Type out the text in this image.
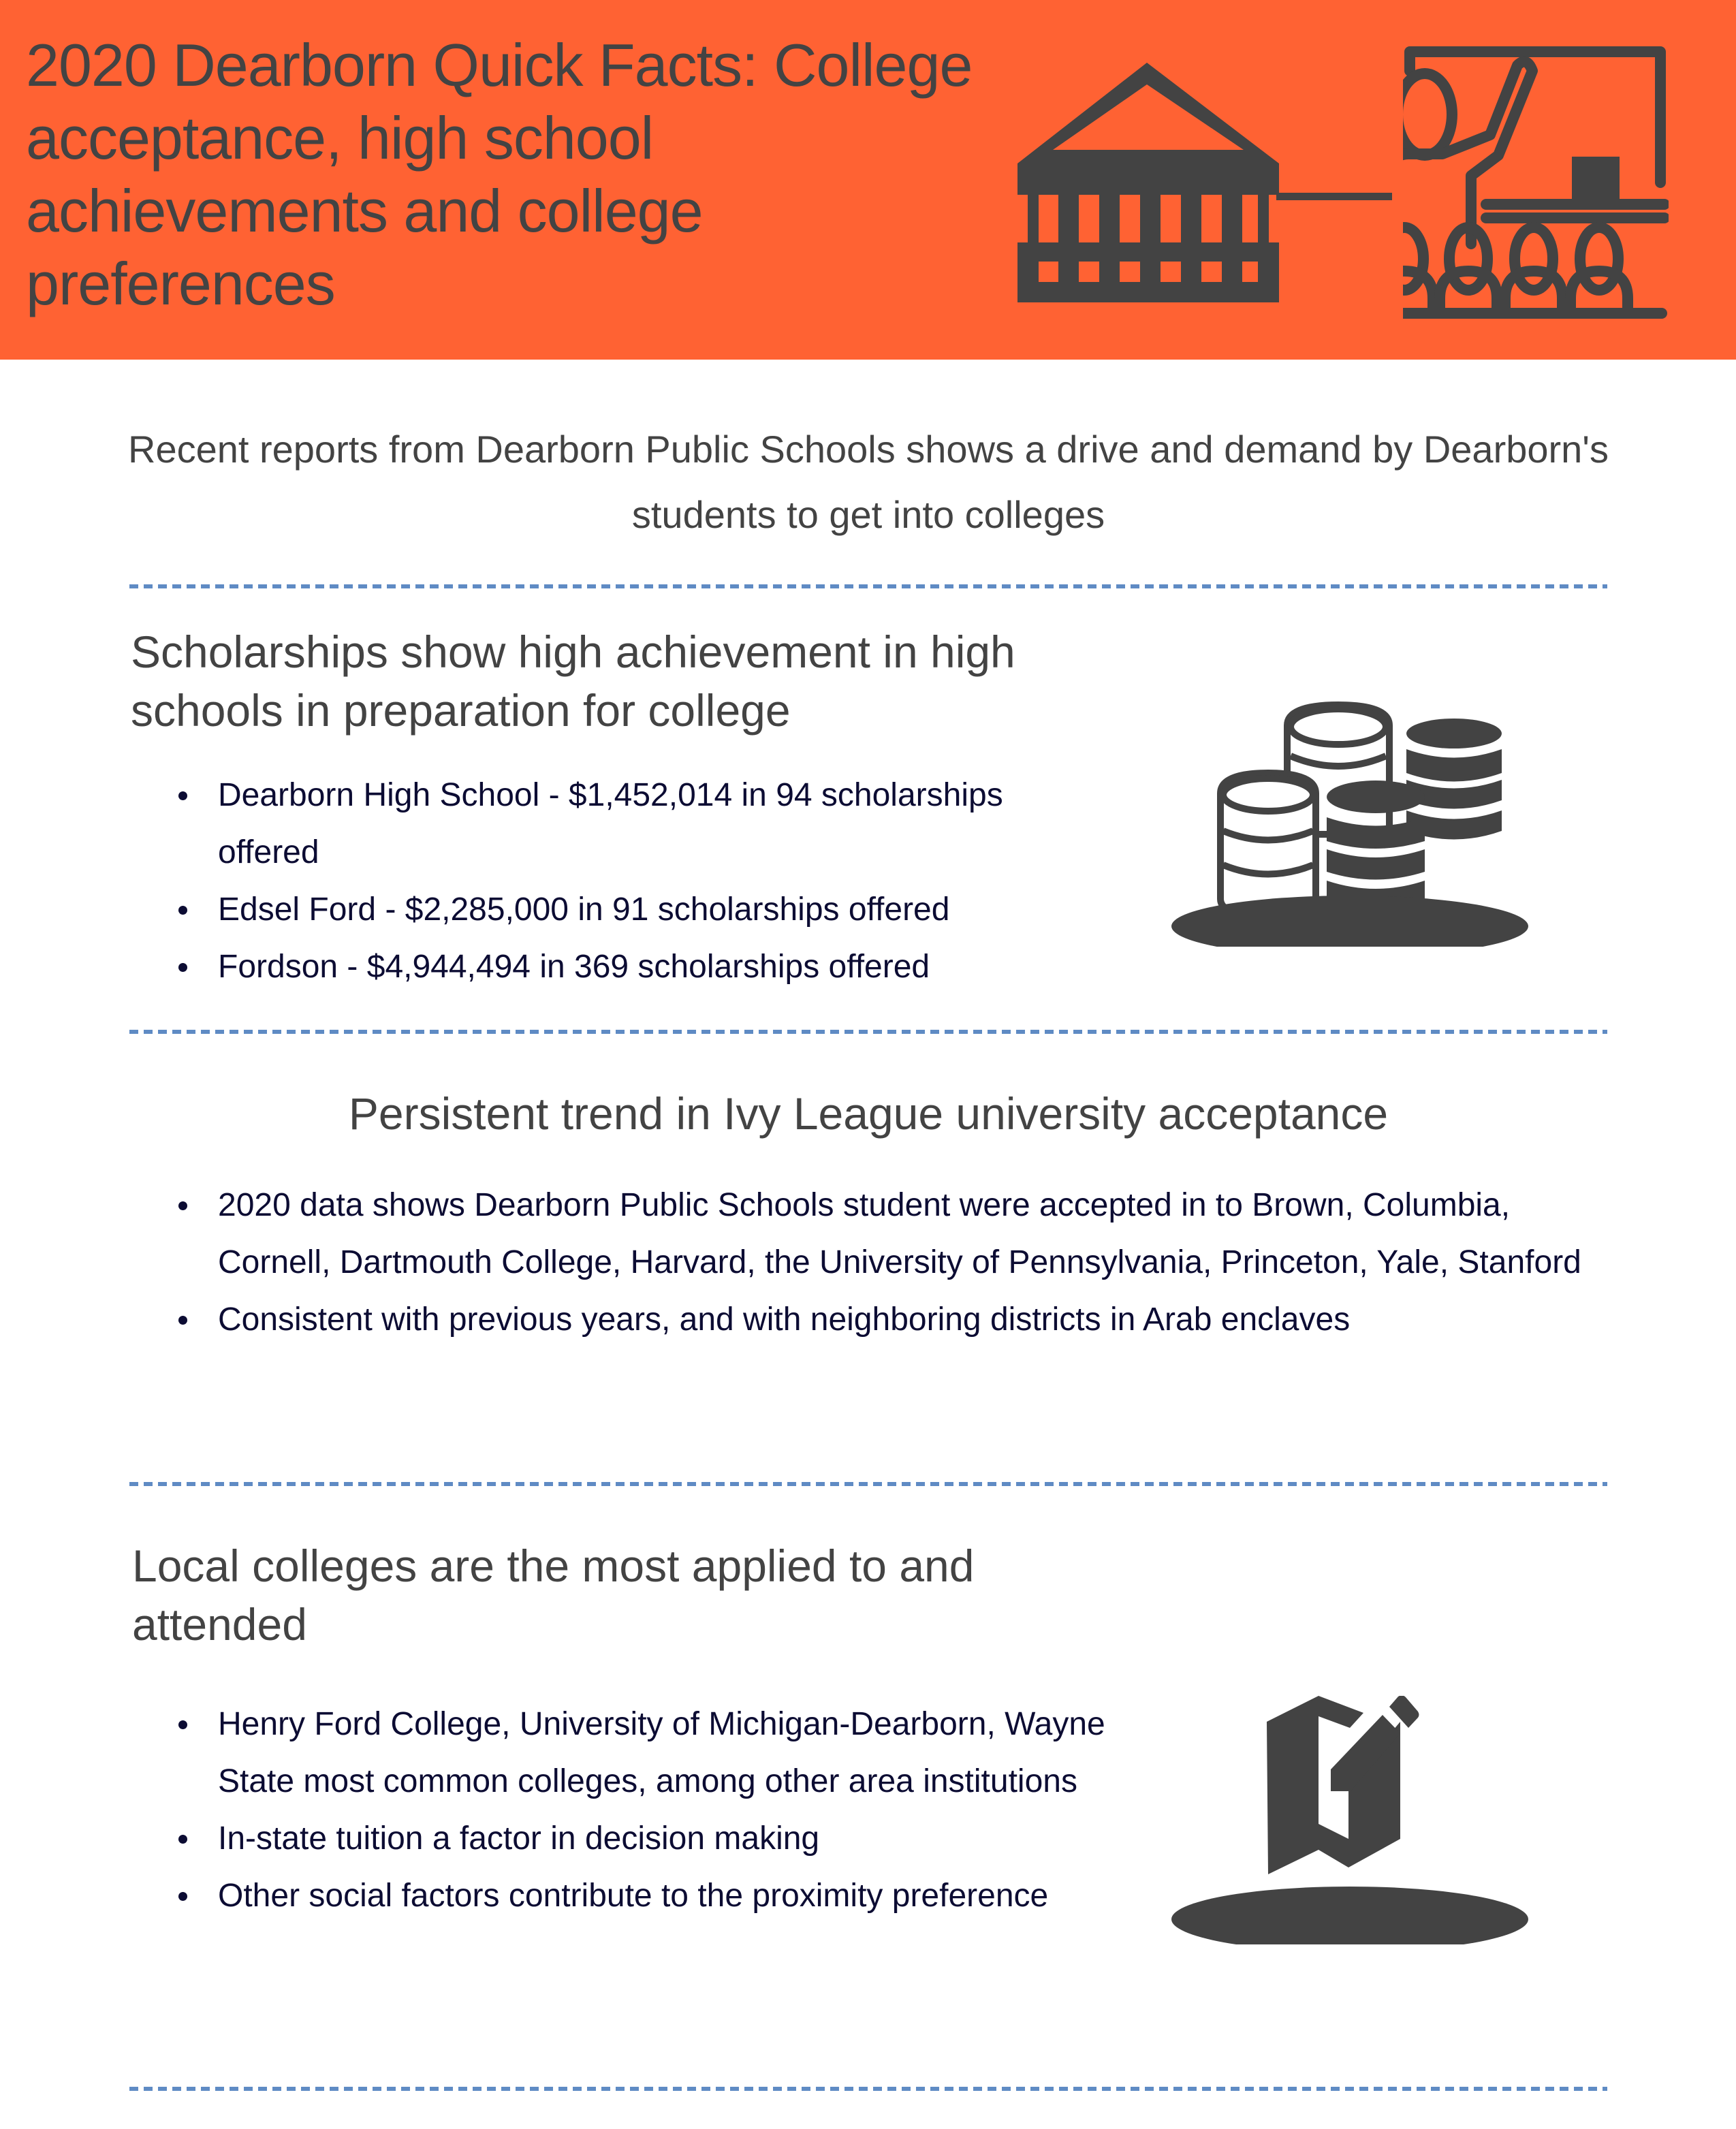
2020 Dearborn Quick Facts: College acceptance, high school achievements and college preferences

Recent reports from Dearborn Public Schools shows a drive and demand by Dearborn's students to get into colleges

Scholarships show high achievement in high schools in preparation for college
Dearborn High School - $1,452,014 in 94 scholarships offered
Edsel Ford - $2,285,000 in 91 scholarships offered
Fordson - $4,944,494 in 369 scholarships offered
Persistent trend in Ivy League university acceptance
2020 data shows Dearborn Public Schools student were accepted in to Brown, Columbia, Cornell, Dartmouth College, Harvard, the University of Pennsylvania, Princeton, Yale, Stanford
Consistent with previous years, and with neighboring districts in Arab enclaves
Local colleges are the most applied to and attended
Henry Ford College, University of Michigan-Dearborn, Wayne State most common colleges, among other area institutions
In-state tuition a factor in decision making
Other social factors contribute to the proximity preference
